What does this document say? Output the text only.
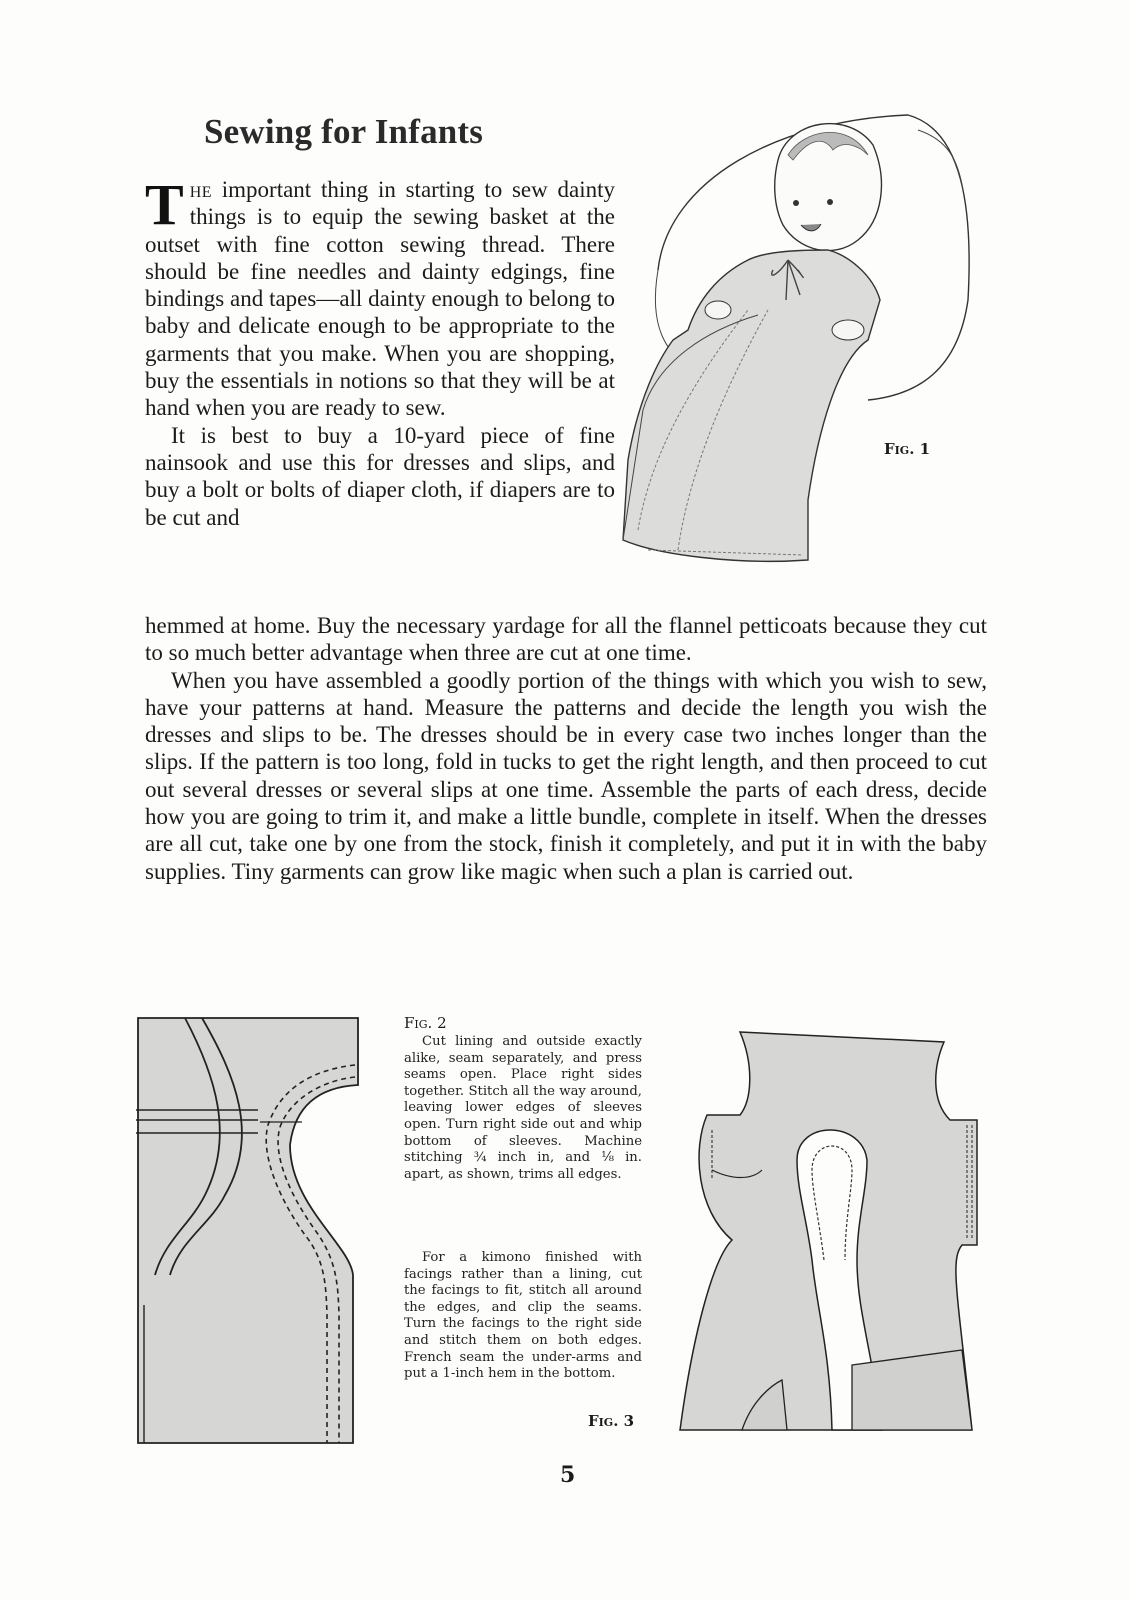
Sewing for Infants

The important thing in starting to sew dainty things is to equip the sewing basket at the outset with fine cotton sewing thread. There should be fine needles and dainty edgings, fine bindings and tapes—all dainty enough to belong to baby and delicate enough to be appropriate to the garments that you make. When you are shopping, buy the essentials in notions so that they will be at hand when you are ready to sew.

It is best to buy a 10-yard piece of fine nainsook and use this for dresses and slips, and buy a bolt or bolts of diaper cloth, if diapers are to be cut and

Fig. 1

hemmed at home. Buy the necessary yardage for all the flannel petticoats because they cut to so much better advantage when three are cut at one time.

When you have assembled a goodly portion of the things with which you wish to sew, have your patterns at hand. Measure the patterns and decide the length you wish the dresses and slips to be. The dresses should be in every case two inches longer than the slips. If the pattern is too long, fold in tucks to get the right length, and then proceed to cut out several dresses or several slips at one time. Assemble the parts of each dress, decide how you are going to trim it, and make a little bundle, complete in itself. When the dresses are all cut, take one by one from the stock, finish it completely, and put it in with the baby supplies. Tiny garments can grow like magic when such a plan is carried out.

Fig. 2

Cut lining and outside exactly alike, seam separately, and press seams open. Place right sides together. Stitch all the way around, leaving lower edges of sleeves open. Turn right side out and whip bottom of sleeves. Machine stitching ¾ inch in, and ⅛ in. apart, as shown, trims all edges.

For a kimono finished with facings rather than a lining, cut the facings to fit, stitch all around the edges, and clip the seams. Turn the facings to the right side and stitch them on both edges. French seam the under-arms and put a 1-inch hem in the bottom.

Fig. 3
5
